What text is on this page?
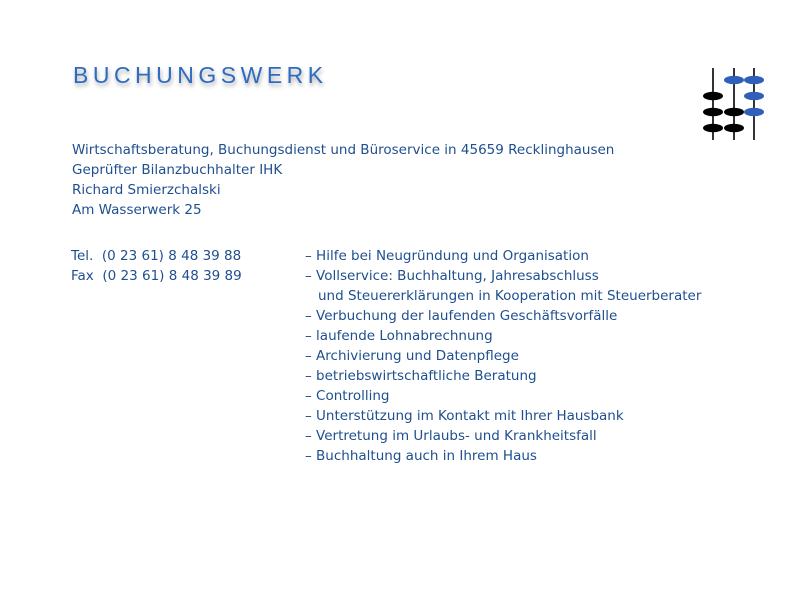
BUCHUNGSWERK
Wirtschaftsberatung, Buchungsdienst und Büroservice in 45659 Recklinghausen
Geprüfter Bilanzbuchhalter IHK
Richard Smierzchalski
Am Wasserwerk 25
Tel.  (0 23 61) 8 48 39 88
Fax  (0 23 61) 8 48 39 89
– Hilfe bei Neugründung und Organisation
– Vollservice: Buchhaltung, Jahresabschluss
und Steuererklärungen in Kooperation mit Steuerberater
– Verbuchung der laufenden Geschäftsvorfälle
– laufende Lohnabrechnung
– Archivierung und Datenpflege
– betriebswirtschaftliche Beratung
– Controlling
– Unterstützung im Kontakt mit Ihrer Hausbank
– Vertretung im Urlaubs- und Krankheitsfall
– Buchhaltung auch in Ihrem Haus
